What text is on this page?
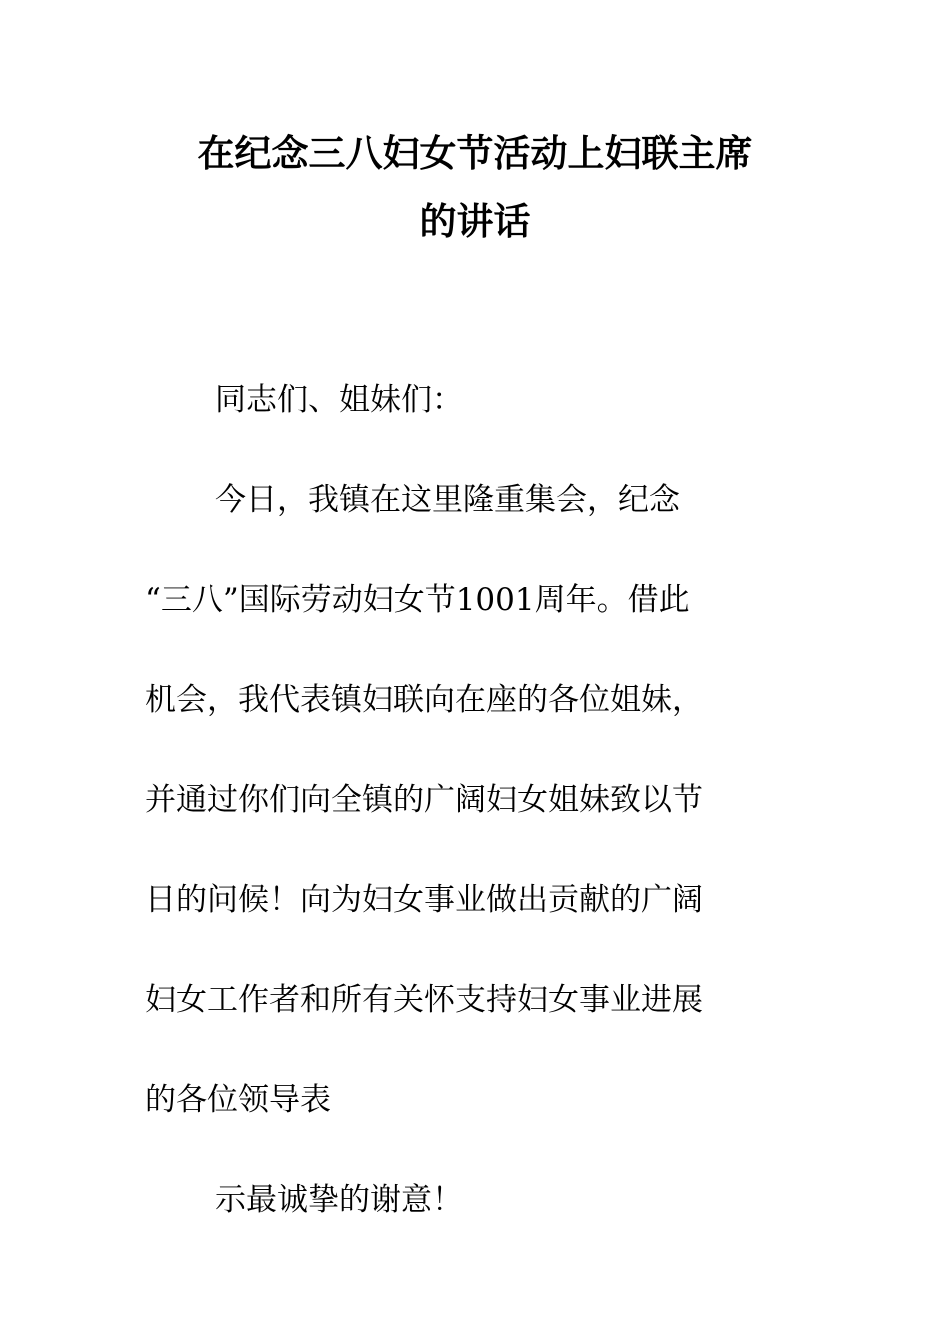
在纪念三八妇女节活动上妇联主席
的讲话

同志们、姐妹们：

今日，我镇在这里隆重集会，纪念

“三八”国际劳动妇女节1001周年。借此

机会，我代表镇妇联向在座的各位姐妹，

并通过你们向全镇的广阔妇女姐妹致以节

日的问候！向为妇女事业做出贡献的广阔

妇女工作者和所有关怀支持妇女事业进展

的各位领导表

示最诚挚的谢意！
